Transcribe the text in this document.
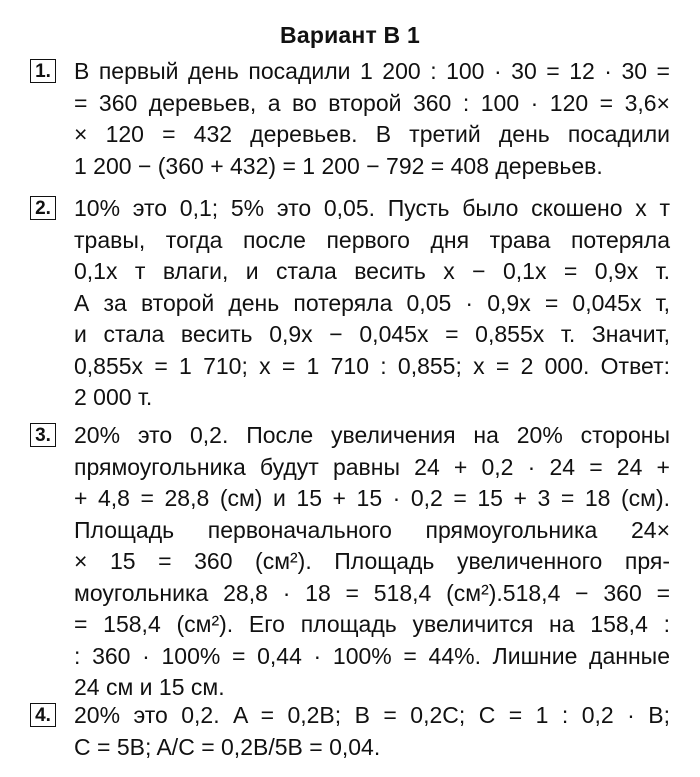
Вариант В 1
1. В первый день посадили 1 200 : 100 · 30 = 12 · 30 =
= 360 деревьев, а во второй 360 : 100 · 120 = 3,6×
× 120 = 432 деревьев. В третий день посадили
1 200 − (360 + 432) = 1 200 − 792 = 408 деревьев.
2. 10% это 0,1; 5% это 0,05. Пусть было скошено x т
травы, тогда после первого дня трава потеряла
0,1x т влаги, и стала весить x − 0,1x = 0,9x т.
А за второй день потеряла 0,05 · 0,9x = 0,045x т,
и стала весить 0,9x − 0,045x = 0,855x т. Значит,
0,855x = 1 710; x = 1 710 : 0,855; x = 2 000. Ответ:
2 000 т.
3. 20% это 0,2. После увеличения на 20% стороны
прямоугольника будут равны 24 + 0,2 · 24 = 24 +
+ 4,8 = 28,8 (см) и 15 + 15 · 0,2 = 15 + 3 = 18 (см).
Площадь первоначального прямоугольника 24×
× 15 = 360 (см²). Площадь увеличенного пря-
моугольника 28,8 · 18 = 518,4 (см²).518,4 − 360 =
= 158,4 (см²). Его площадь увеличится на 158,4 :
: 360 · 100% = 0,44 · 100% = 44%. Лишние данные
24 см и 15 см.
4. 20% это 0,2. A = 0,2B; B = 0,2C; C = 1 : 0,2 · B;
C = 5B; A/C = 0,2B/5B = 0,04.
